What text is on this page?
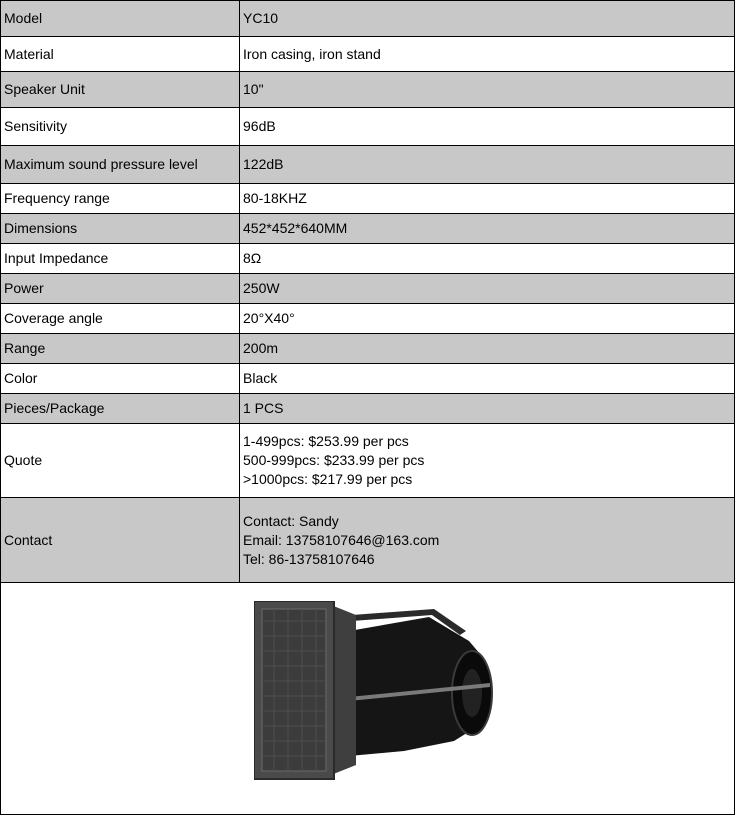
Model	YC10
Material	Iron casing, iron stand
Speaker Unit	10"
Sensitivity	96dB
Maximum sound pressure level	122dB
Frequency range	80-18KHZ
Dimensions	452*452*640MM
Input Impedance	8Ω
Power	250W
Coverage angle	20°X40°
Range	200m
Color	Black
Pieces/Package	1 PCS
Quote	1-499pcs: $253.99 per pcs
500-999pcs: $233.99 per pcs
>1000pcs: $217.99 per pcs

Contact	Contact: Sandy
Email: 13758107646@163.com
Tel: 86-13758107646
